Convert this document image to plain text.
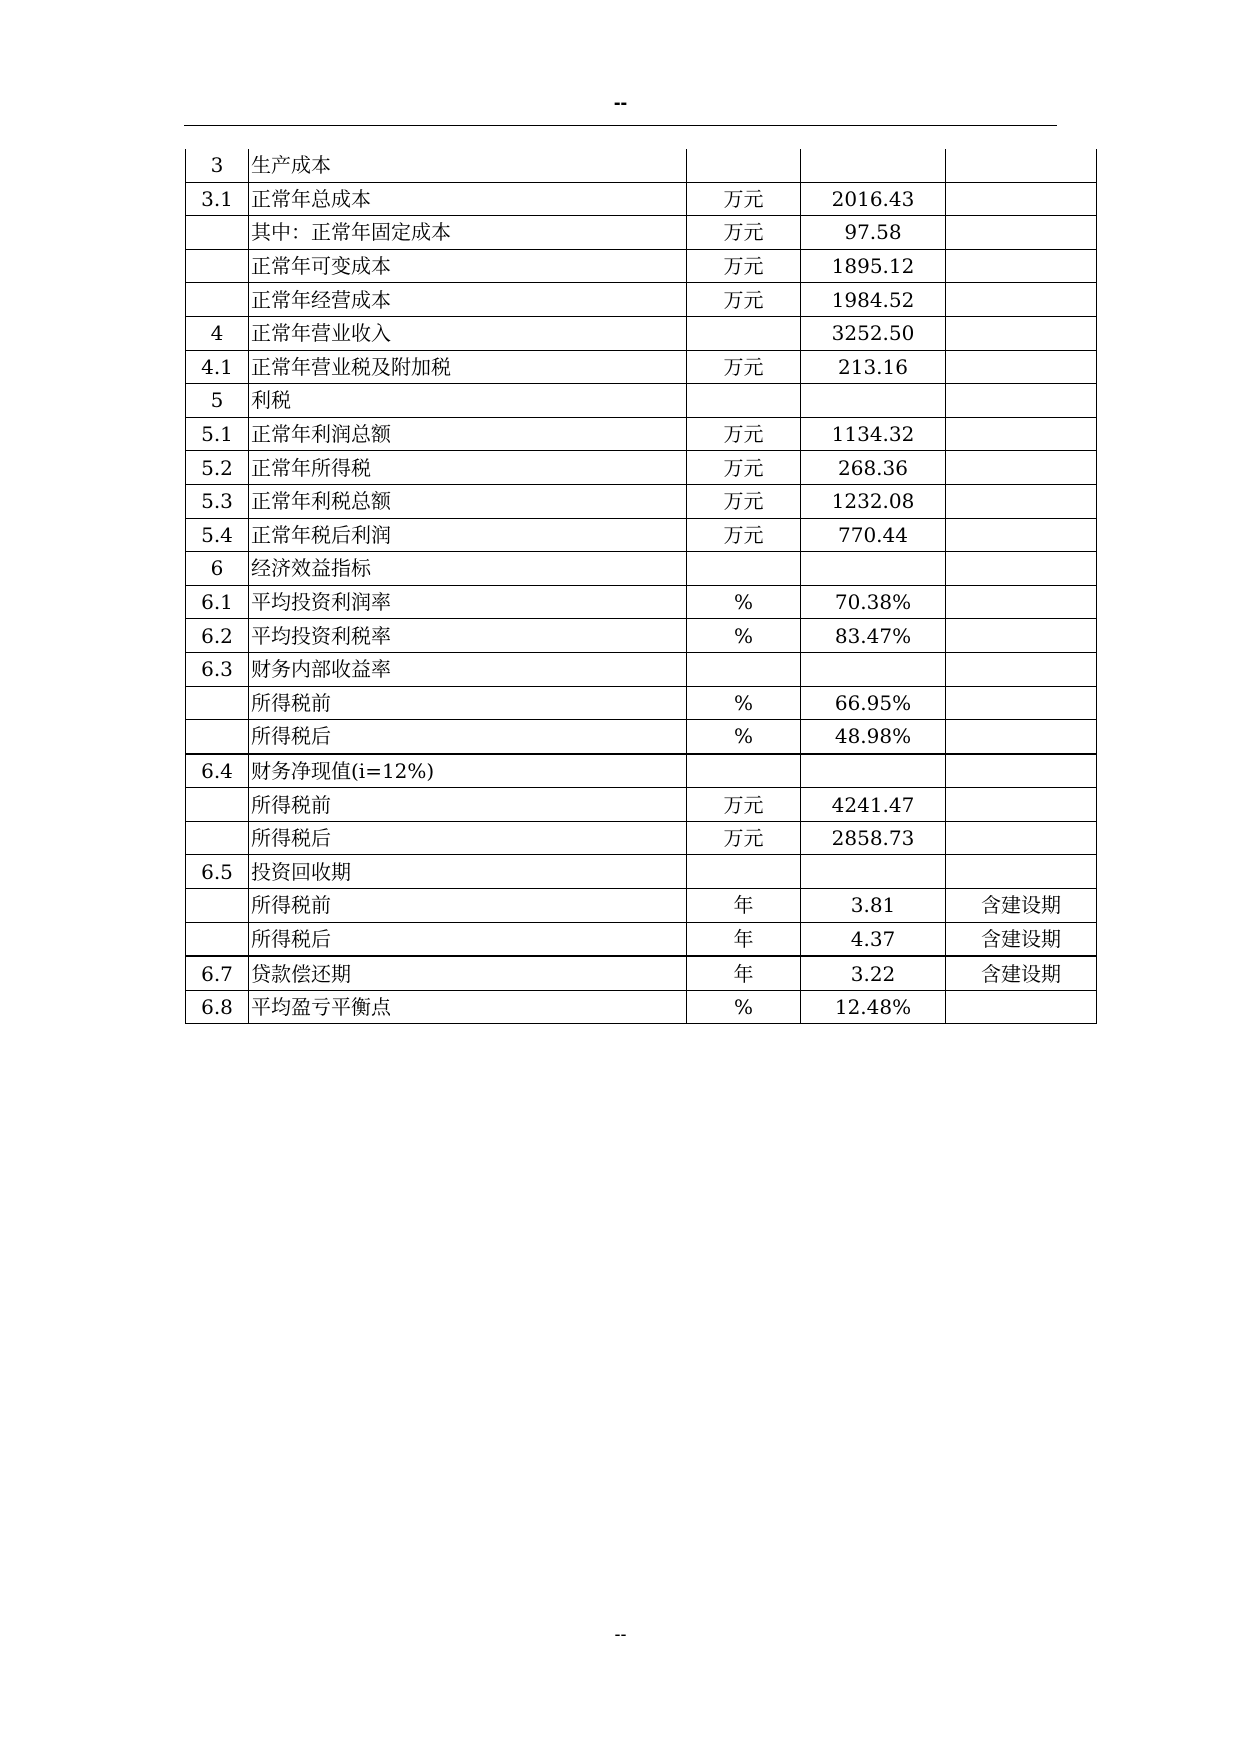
--
3	生产成本			
3.1	正常年总成本	万元	2016.43	
	其中：正常年固定成本	万元	97.58	
	正常年可变成本	万元	1895.12	
	正常年经营成本	万元	1984.52	
4	正常年营业收入		3252.50	
4.1	正常年营业税及附加税	万元	213.16	
5	利税			
5.1	正常年利润总额	万元	1134.32	
5.2	正常年所得税	万元	268.36	
5.3	正常年利税总额	万元	1232.08	
5.4	正常年税后利润	万元	770.44	
6	经济效益指标			
6.1	平均投资利润率	%	70.38%	
6.2	平均投资利税率	%	83.47%	
6.3	财务内部收益率			
	所得税前	%	66.95%	
	所得税后	%	48.98%	
6.4	财务净现值(i=12%)			
	所得税前	万元	4241.47	
	所得税后	万元	2858.73	
6.5	投资回收期			
	所得税前	年	3.81	含建设期
	所得税后	年	4.37	含建设期
6.7	贷款偿还期	年	3.22	含建设期
6.8	平均盈亏平衡点	%	12.48%	
--
